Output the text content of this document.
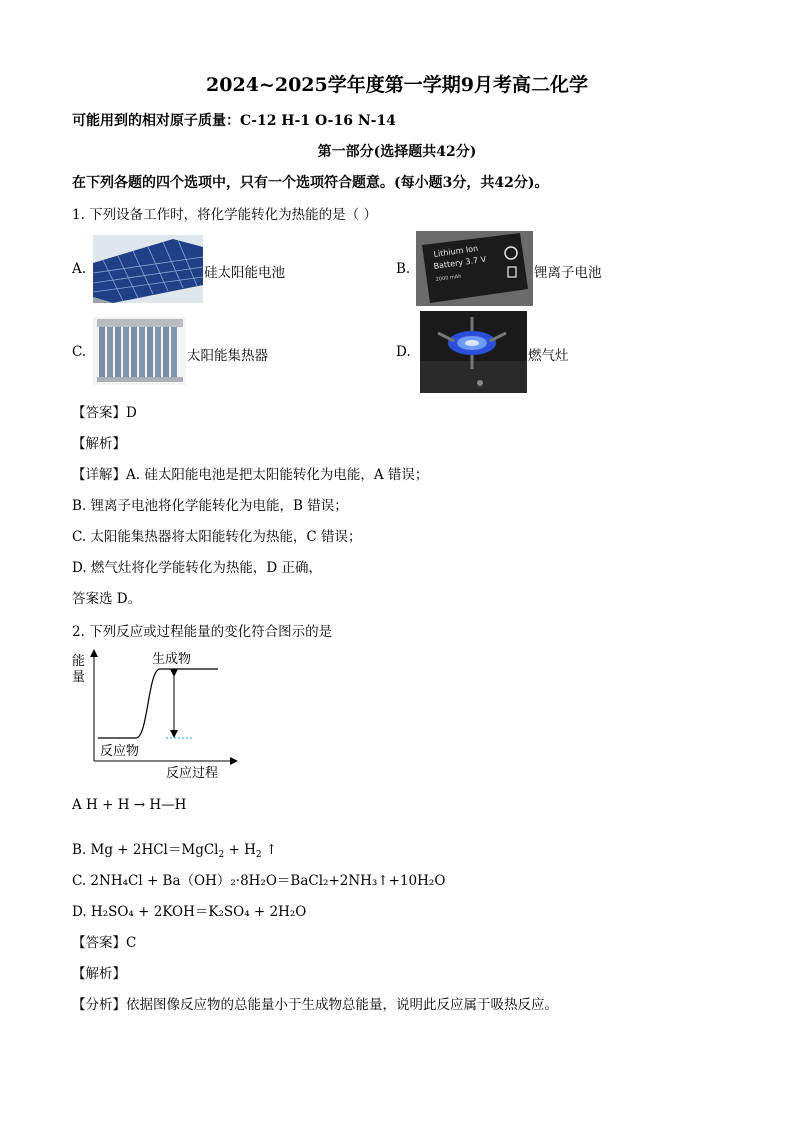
2024~2025学年度第一学期9月考高二化学
可能用到的相对原子质量：C-12 H-1 O-16 N-14
第一部分(选择题共42分)
在下列各题的四个选项中，只有一个选项符合题意。(每小题3分，共42分)。
1. 下列设备工作时，将化学能转化为热能的是（ ）
A.	硅太阳能电池	B.
Lithium Ion
Battery 3.7 V
2000 mAh	锂离子电池
C.	太阳能集热器	D.	燃气灶
【答案】D
【解析】
【详解】A. 硅太阳能电池是把太阳能转化为电能，A 错误；
B. 锂离子电池将化学能转化为电能，B 错误；
C. 太阳能集热器将太阳能转化为热能，C 错误；
D. 燃气灶将化学能转化为热能，D 正确，
答案选 D。
2. 下列反应或过程能量的变化符合图示的是
能
量
生成物
反应物
反应过程
A H + H → H—H
B. Mg + 2HCl＝MgCl$_2$ + $H_2$ ↑
C. 2NH₄Cl + Ba（OH）₂·8H₂O＝BaCl₂+2NH₃↑+10H₂O
D. H₂SO₄ + 2KOH＝K₂SO₄ + 2H₂O
【答案】C
【解析】
【分析】依据图像反应物的总能量小于生成物总能量，说明此反应属于吸热反应。
